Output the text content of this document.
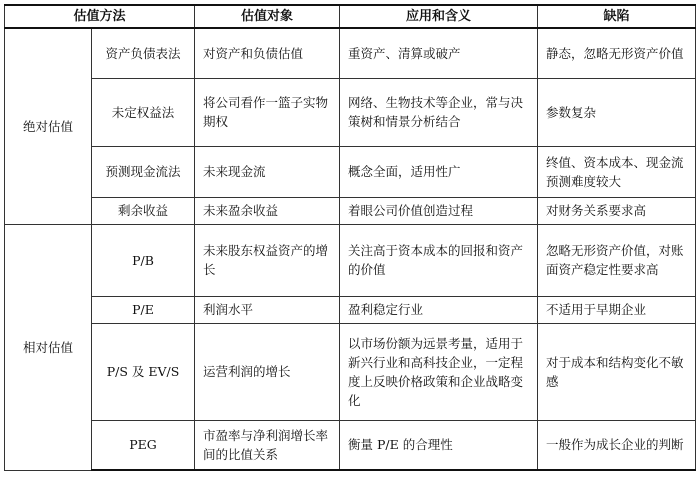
估值方法		估值对象	应用和含义	缺陷
绝对估值	资产负债表法	对资产和负债估值	重资产、清算或破产	静态，忽略无形资产价值
	未定权益法	将公司看作一篮子实物期权	网络、生物技术等企业，常与决策树和情景分析结合	参数复杂
	预测现金流法	未来现金流	概念全面，适用性广	终值、资本成本、现金流预测难度较大
	剩余收益	未来盈余收益	着眼公司价值创造过程	对财务关系要求高
相对估值	P/B	未来股东权益资产的增长	关注高于资本成本的回报和资产的价值	忽略无形资产价值，对账面资产稳定性要求高
	P/E	利润水平	盈利稳定行业	不适用于早期企业
	P/S 及 EV/S	运营利润的增长	以市场份额为远景考量，适用于新兴行业和高科技企业，一定程度上反映价格政策和企业战略变化	对于成本和结构变化不敏感
	PEG	市盈率与净利润增长率间的比值关系	衡量 P/E 的合理性	一般作为成长企业的判断
